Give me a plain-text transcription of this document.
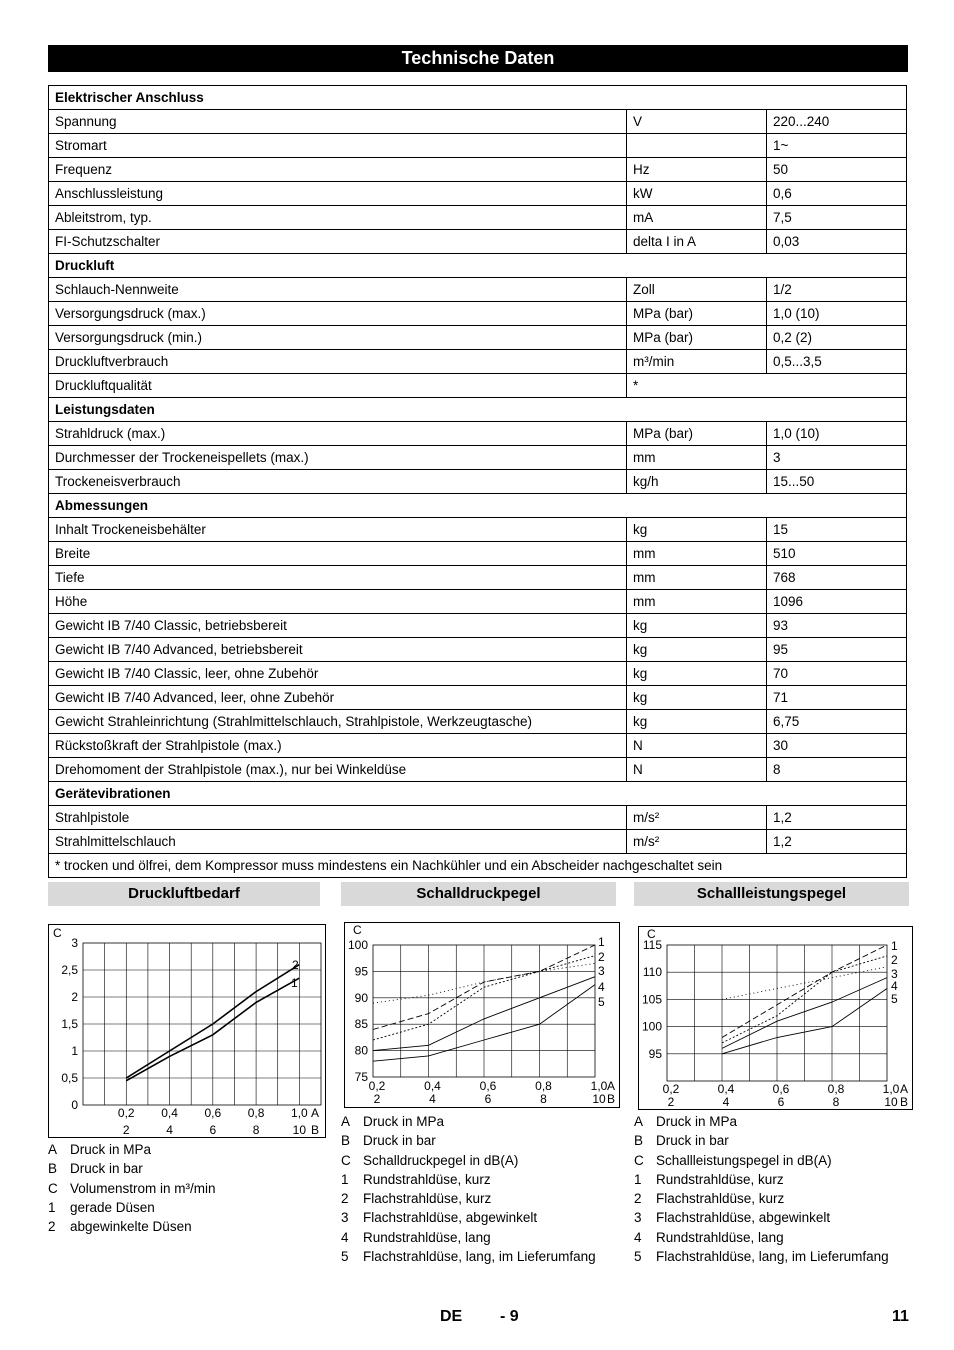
Technische Daten
Elektrischer Anschluss		
Spannung	V	220...240
Stromart		1~
Frequenz	Hz	50
Anschlussleistung	kW	0,6
Ableitstrom, typ.	mA	7,5
FI-Schutzschalter	delta I in A	0,03
Druckluft		
Schlauch-Nennweite	Zoll	1/2
Versorgungsdruck (max.)	MPa (bar)	1,0 (10)
Versorgungsdruck (min.)	MPa (bar)	0,2 (2)
Druckluftverbrauch	m³/min	0,5...3,5
Druckluftqualität	*	
Leistungsdaten		
Strahldruck (max.)	MPa (bar)	1,0 (10)
Durchmesser der Trockeneispellets (max.)	mm	3
Trockeneisverbrauch	kg/h	15...50
Abmessungen		
Inhalt Trockeneisbehälter	kg	15
Breite	mm	510
Tiefe	mm	768
Höhe	mm	1096
Gewicht IB 7/40 Classic, betriebsbereit	kg	93
Gewicht IB 7/40 Advanced, betriebsbereit	kg	95
Gewicht IB 7/40 Classic, leer, ohne Zubehör	kg	70
Gewicht IB 7/40 Advanced, leer, ohne Zubehör	kg	71
Gewicht Strahleinrichtung (Strahlmittelschlauch, Strahlpistole, Werkzeugtasche)	kg	6,75
Rückstoßkraft der Strahlpistole (max.)	N	30
Drehomoment der Strahlpistole (max.), nur bei Winkeldüse	N	8
Gerätevibrationen		
Strahlpistole	m/s²	1,2
Strahlmittelschlauch	m/s²	1,2
* trocken und ölfrei, dem Kompressor muss mindestens ein Nachkühler und ein Abscheider nachgeschaltet sein		
Druckluftbedarf	Schalldruckpegel	Schallleistungspegel
0
0,5
1
1,5
2
2,5
3
0,2 0,4 0,6 0,8 1,0
2	4	6	8	10
C
A
B
1
2
75
80
85
90
95
100
0,2	0,4	0,6	0,8	1,0
2	4	6	8	10
C
A
B
1
2
3
4
5
95
100
105
110
115
0,2	0,4	0,6	0,8	1,0
2	4	6	8	10
C
A
B
1
2
3
4
5
A Druck in MPa
B Druck in bar
C Volumenstrom in m³/min
1 gerade Düsen
2 abgewinkelte Düsen
A Druck in MPa
B Druck in bar
C Schalldruckpegel in dB(A)
1 Rundstrahldüse, kurz
2 Flachstrahldüse, kurz
3 Flachstrahldüse, abgewinkelt
4 Rundstrahldüse, lang
5 Flachstrahldüse, lang, im Lieferumfang
A Druck in MPa
B Druck in bar
C Schallleistungspegel in dB(A)
1 Rundstrahldüse, kurz
2 Flachstrahldüse, kurz
3 Flachstrahldüse, abgewinkelt
4 Rundstrahldüse, lang
5 Flachstrahldüse, lang, im Lieferumfang
DE - 9	11
